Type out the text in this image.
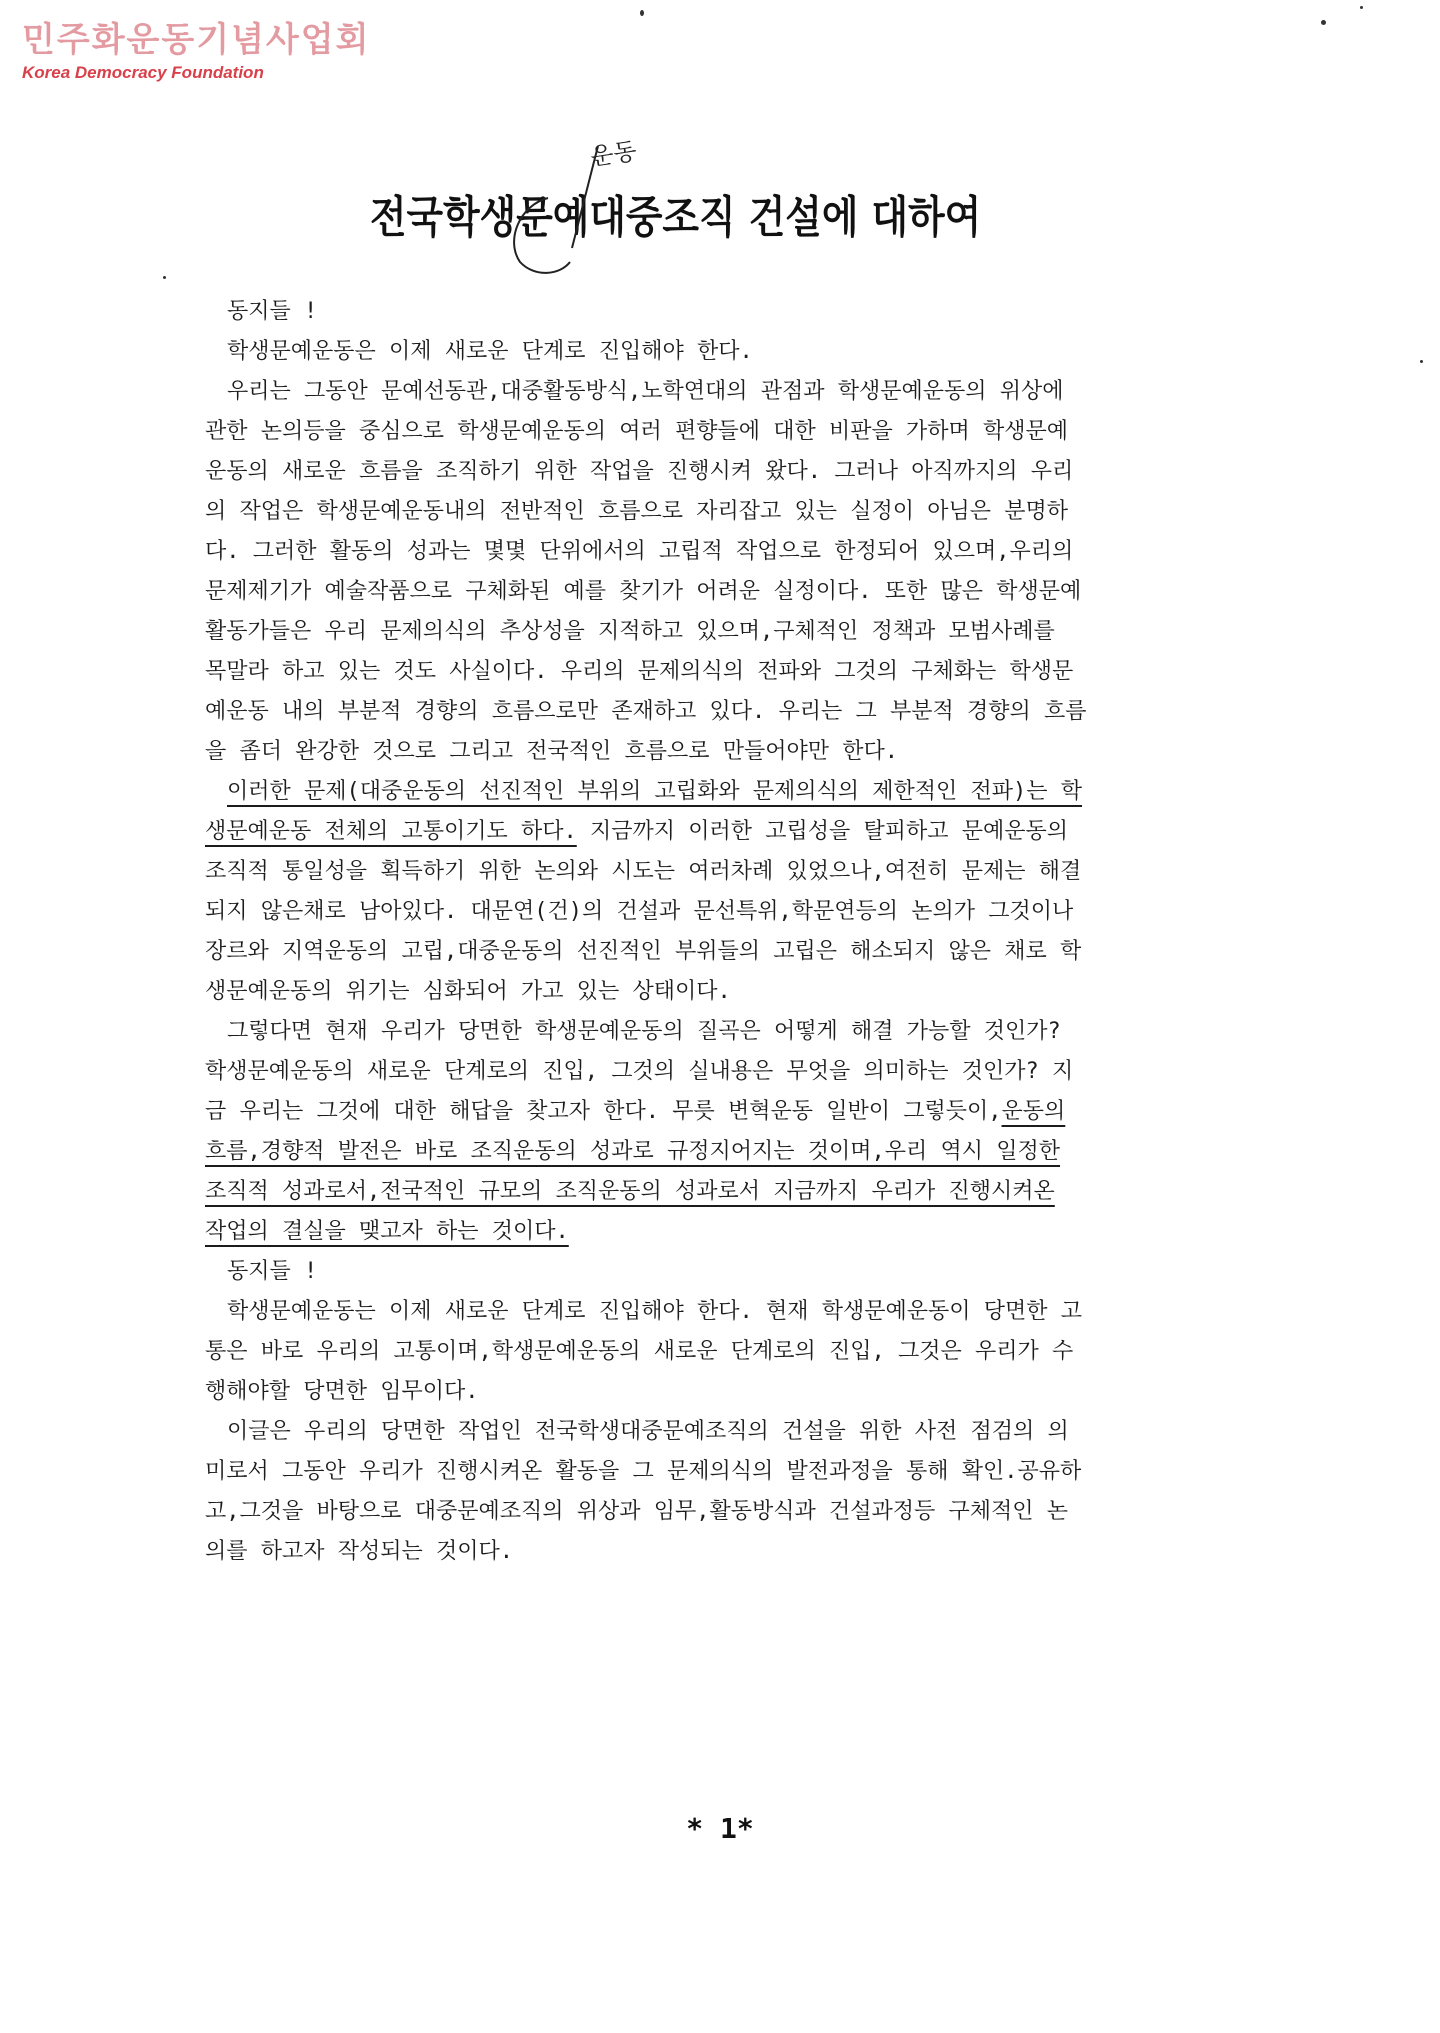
민주화운동기념사업회
Korea Democracy Foundation
전국학생문예대중조직 건설에 대하여
운동
동지들 !
학생문예운동은 이제 새로운 단계로 진입해야 한다.
우리는 그동안 문예선동관,대중활동방식,노학연대의 관점과 학생문예운동의 위상에
관한 논의등을 중심으로 학생문예운동의 여러 편향들에 대한 비판을 가하며 학생문예
운동의 새로운 흐름을 조직하기 위한 작업을 진행시켜 왔다. 그러나 아직까지의 우리
의 작업은 학생문예운동내의 전반적인 흐름으로 자리잡고 있는 실정이 아님은 분명하
다. 그러한 활동의 성과는 몇몇 단위에서의 고립적 작업으로 한정되어 있으며,우리의
문제제기가 예술작품으로 구체화된 예를 찾기가 어려운 실정이다. 또한 많은 학생문예
활동가들은 우리 문제의식의 추상성을 지적하고 있으며,구체적인 정책과 모범사례를
목말라 하고 있는 것도 사실이다. 우리의 문제의식의 전파와 그것의 구체화는 학생문
예운동 내의 부분적 경향의 흐름으로만 존재하고 있다. 우리는 그 부분적 경향의 흐름
을 좀더 완강한 것으로 그리고 전국적인 흐름으로 만들어야만 한다.
이러한 문제(대중운동의 선진적인 부위의 고립화와 문제의식의 제한적인 전파)는 학
생문예운동 전체의 고통이기도 하다. 지금까지 이러한 고립성을 탈피하고 문예운동의
조직적 통일성을 획득하기 위한 논의와 시도는 여러차례 있었으나,여전히 문제는 해결
되지 않은채로 남아있다. 대문연(건)의 건설과 문선특위,학문연등의 논의가 그것이나
장르와 지역운동의 고립,대중운동의 선진적인 부위들의 고립은 해소되지 않은 채로 학
생문예운동의 위기는 심화되어 가고 있는 상태이다.
그렇다면 현재 우리가 당면한 학생문예운동의 질곡은 어떻게 해결 가능할 것인가?
학생문예운동의 새로운 단계로의 진입, 그것의 실내용은 무엇을 의미하는 것인가? 지
금 우리는 그것에 대한 해답을 찾고자 한다. 무릇 변혁운동 일반이 그렇듯이,운동의
흐름,경향적 발전은 바로 조직운동의 성과로 규정지어지는 것이며,우리 역시 일정한
조직적 성과로서,전국적인 규모의 조직운동의 성과로서 지금까지 우리가 진행시켜온
작업의 결실을 맺고자 하는 것이다.
동지들 !
학생문예운동는 이제 새로운 단계로 진입해야 한다. 현재 학생문예운동이 당면한 고
통은 바로 우리의 고통이며,학생문예운동의 새로운 단계로의 진입, 그것은 우리가 수
행해야할 당면한 임무이다.
이글은 우리의 당면한 작업인 전국학생대중문예조직의 건설을 위한 사전 점검의 의
미로서 그동안 우리가 진행시켜온 활동을 그 문제의식의 발전과정을 통해 확인.공유하
고,그것을 바탕으로 대중문예조직의 위상과 임무,활동방식과 건설과정등 구체적인 논
의를 하고자 작성되는 것이다.
* 1*
